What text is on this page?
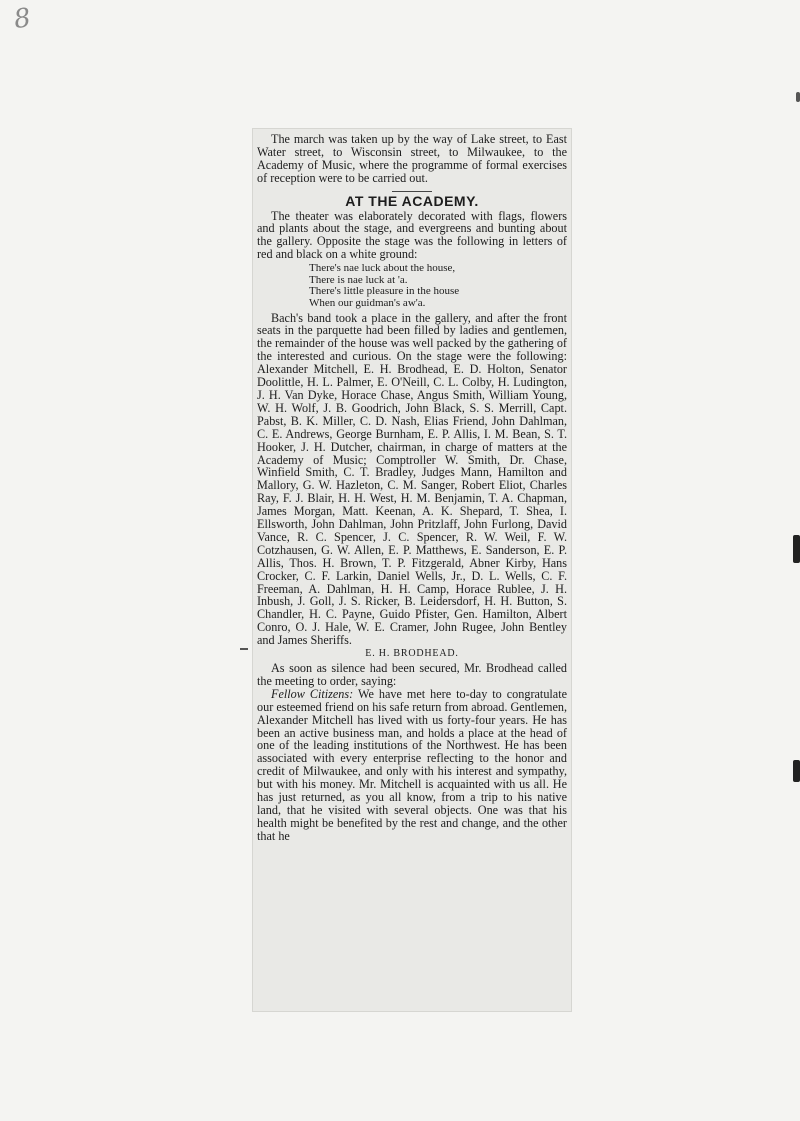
8

The march was taken up by the way of Lake street, to East Water street, to Wisconsin street, to Milwaukee, to the Academy of Music, where the programme of formal exercises of reception were to be carried out.

AT THE ACADEMY.

The theater was elaborately decorated with flags, flowers and plants about the stage, and evergreens and bunting about the gallery. Opposite the stage was the following in letters of red and black on a white ground:

There's nae luck about the house,
There is nae luck at 'a.
There's little pleasure in the house
When our guidman's aw'a.

Bach's band took a place in the gallery, and after the front seats in the parquette had been filled by ladies and gentlemen, the remainder of the house was well packed by the gathering of the interested and curious. On the stage were the following: Alexander Mitchell, E. H. Brodhead, E. D. Holton, Senator Doolittle, H. L. Palmer, E. O'Neill, C. L. Colby, H. Ludington, J. H. Van Dyke, Horace Chase, Angus Smith, William Young, W. H. Wolf, J. B. Goodrich, John Black, S. S. Merrill, Capt. Pabst, B. K. Miller, C. D. Nash, Elias Friend, John Dahlman, C. E. Andrews, George Burnham, E. P. Allis, I. M. Bean, S. T. Hooker, J. H. Dutcher, chairman, in charge of matters at the Academy of Music; Comptroller W. Smith, Dr. Chase, Winfield Smith, C. T. Bradley, Judges Mann, Hamilton and Mallory, G. W. Hazleton, C. M. Sanger, Robert Eliot, Charles Ray, F. J. Blair, H. H. West, H. M. Benjamin, T. A. Chapman, James Morgan, Matt. Keenan, A. K. Shepard, T. Shea, I. Ellsworth, John Dahlman, John Pritzlaff, John Furlong, David Vance, R. C. Spencer, J. C. Spencer, R. W. Weil, F. W. Cotzhausen, G. W. Allen, E. P. Matthews, E. Sanderson, E. P. Allis, Thos. H. Brown, T. P. Fitzgerald, Abner Kirby, Hans Crocker, C. F. Larkin, Daniel Wells, Jr., D. L. Wells, C. F. Freeman, A. Dahlman, H. H. Camp, Horace Rublee, J. H. Inbush, J. Goll, J. S. Ricker, B. Leidersdorf, H. H. Button, S. Chandler, H. C. Payne, Guido Pfister, Gen. Hamilton, Albert Conro, O. J. Hale, W. E. Cramer, John Rugee, John Bentley and James Sheriffs.

E. H. BRODHEAD.

As soon as silence had been secured, Mr. Brodhead called the meeting to order, saying:

Fellow Citizens: We have met here to-day to congratulate our esteemed friend on his safe return from abroad. Gentlemen, Alexander Mitchell has lived with us forty-four years. He has been an active business man, and holds a place at the head of one of the leading institutions of the Northwest. He has been associated with every enterprise reflecting to the honor and credit of Milwaukee, and only with his interest and sympathy, but with his money. Mr. Mitchell is acquainted with us all. He has just returned, as you all know, from a trip to his native land, that he visited with several objects. One was that his health might be benefited by the rest and change, and the other that he
